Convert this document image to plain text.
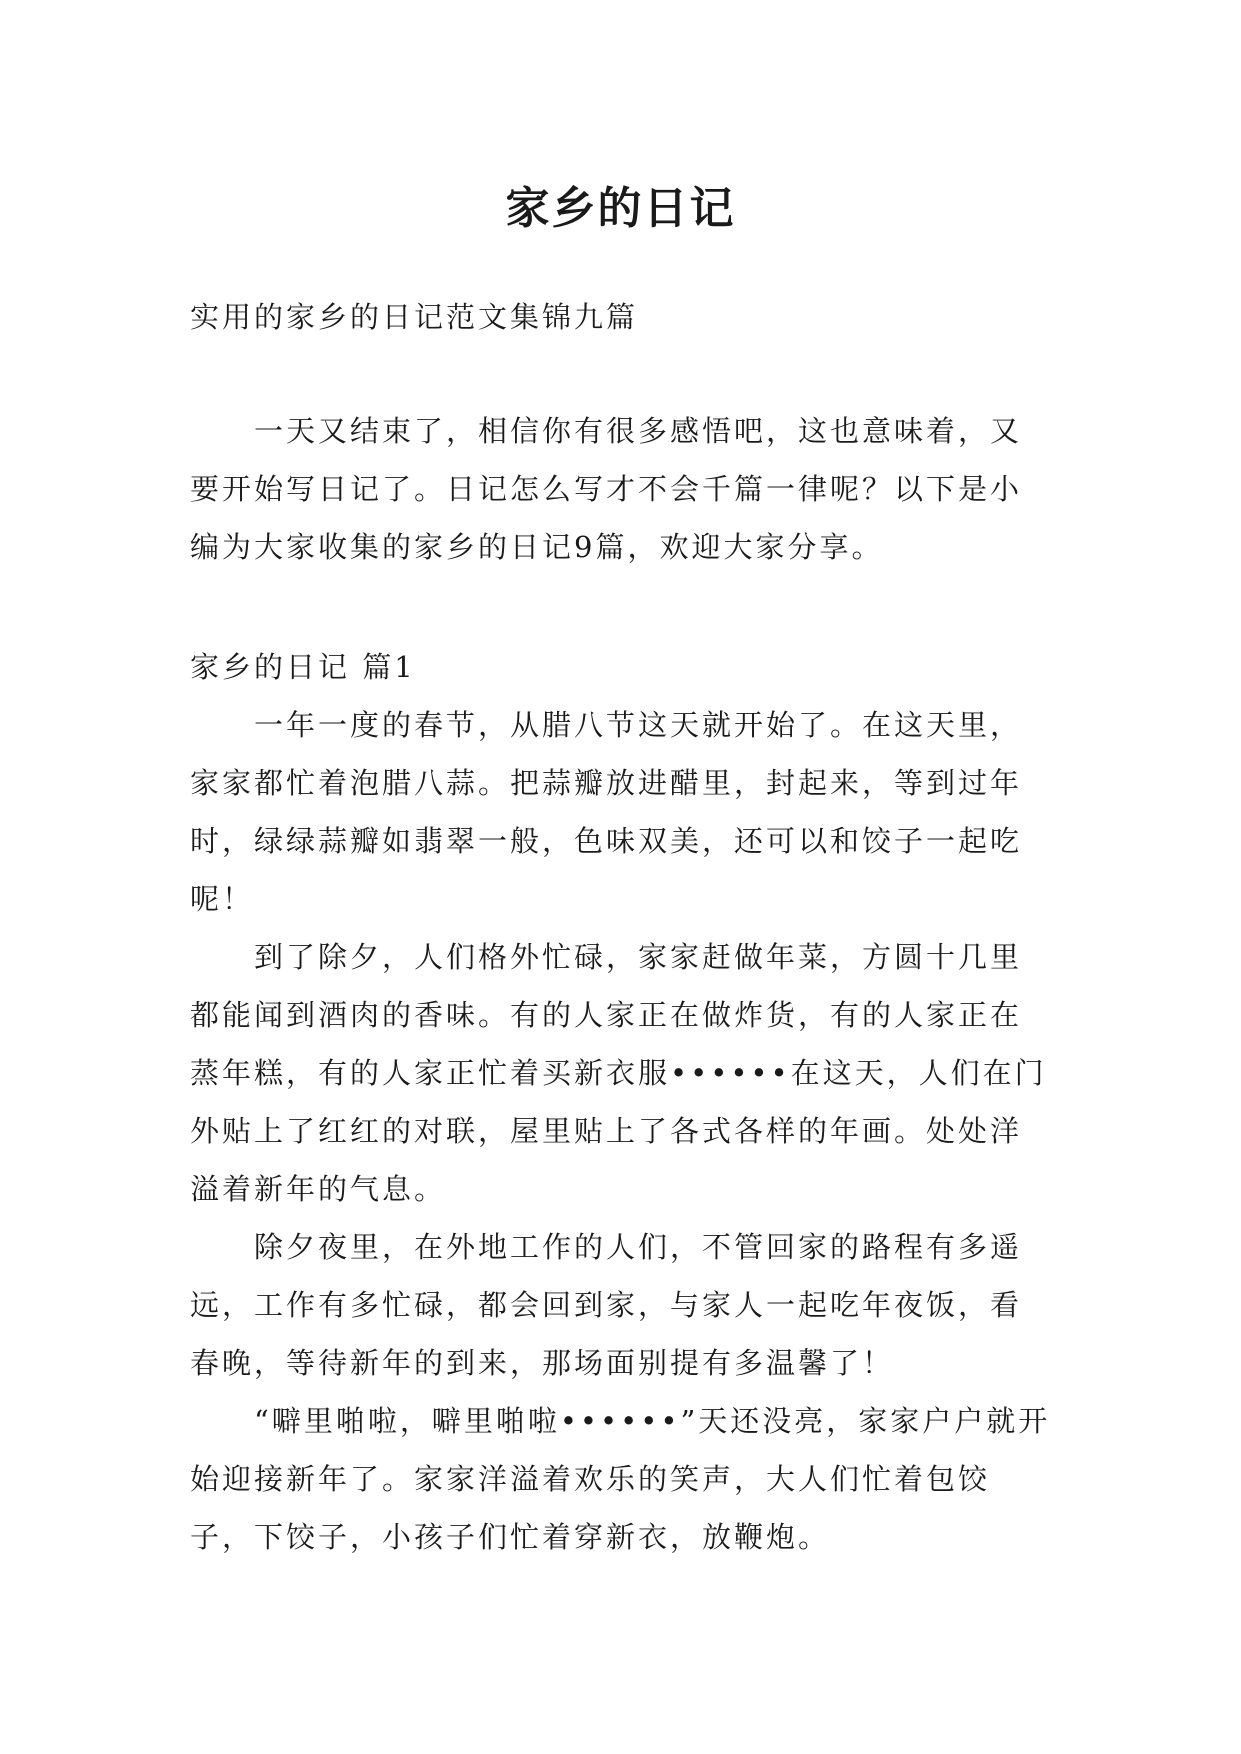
家乡的日记

实用的家乡的日记范文集锦九篇

一天又结束了，相信你有很多感悟吧，这也意味着，又要开始写日记了。日记怎么写才不会千篇一律呢？以下是小编为大家收集的家乡的日记9篇，欢迎大家分享。

家乡的日记 篇1

一年一度的春节，从腊八节这天就开始了。在这天里，家家都忙着泡腊八蒜。把蒜瓣放进醋里，封起来，等到过年时，绿绿蒜瓣如翡翠一般，色味双美，还可以和饺子一起吃呢！

到了除夕，人们格外忙碌，家家赶做年菜，方圆十几里都能闻到酒肉的香味。有的人家正在做炸货，有的人家正在蒸年糕，有的人家正忙着买新衣服••••••在这天，人们在门外贴上了红红的对联，屋里贴上了各式各样的年画。处处洋溢着新年的气息。

除夕夜里，在外地工作的人们，不管回家的路程有多遥远，工作有多忙碌，都会回到家，与家人一起吃年夜饭，看春晚，等待新年的到来，那场面别提有多温馨了！

“噼里啪啦，噼里啪啦••••••”天还没亮，家家户户就开始迎接新年了。家家洋溢着欢乐的笑声，大人们忙着包饺子，下饺子，小孩子们忙着穿新衣，放鞭炮。
